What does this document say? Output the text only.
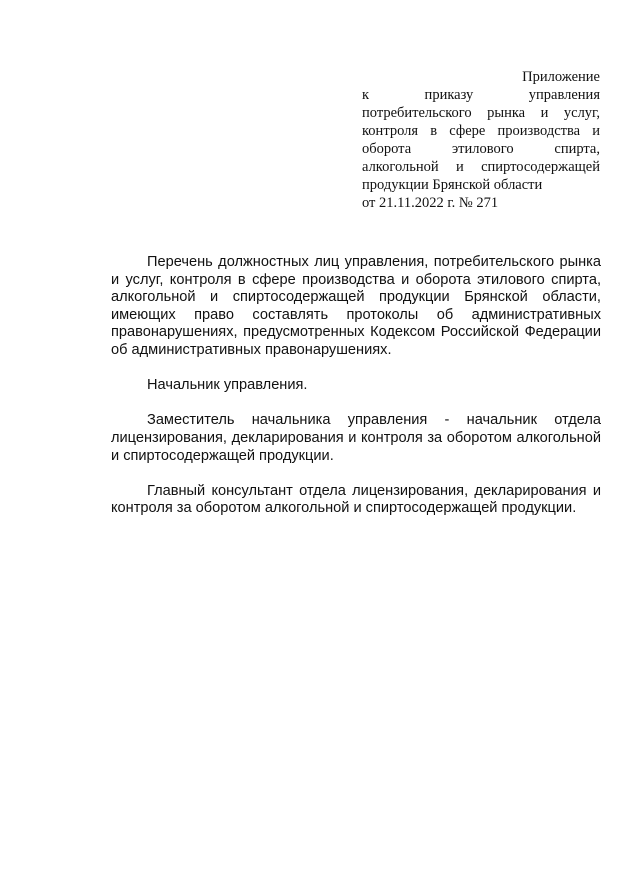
Приложение
к приказу управления потребительского рынка и услуг, контроля в сфере производства и оборота этилового спирта, алкогольной и спиртосодержащей продукции Брянской области
от 21.11.2022 г. № 271

Перечень должностных лиц управления, потребительского рынка и услуг, контроля в сфере производства и оборота этилового спирта, алкогольной и спиртосодержащей продукции Брянской области, имеющих право составлять протоколы об административных правонарушениях, предусмотренных Кодексом Российской Федерации об административных правонарушениях.

Начальник управления.

Заместитель начальника управления - начальник отдела лицензирования, декларирования и контроля за оборотом алкогольной и спиртосодержащей продукции.

Главный консультант отдела лицензирования, декларирования и контроля за оборотом алкогольной и спиртосодержащей продукции.
